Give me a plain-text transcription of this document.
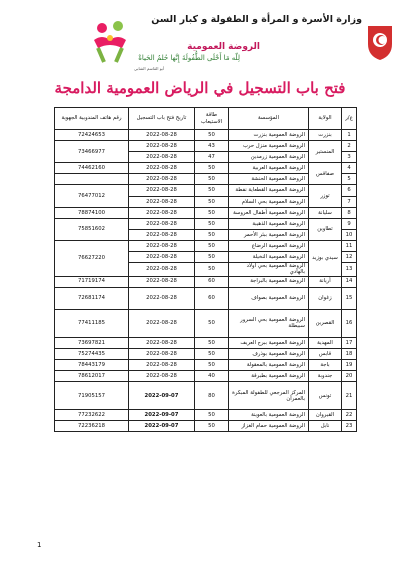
وزارة الأسرة و المرأة و الطفولة و كبار السن
الروضة العمومية
لِلّه مَا أَحْلَى الطُّفُولَةَ إِنَّها حُلمُ الحَياةْ
أبو القاسم الشابي
فتح باب التسجيل في الرياض العمومية الدامجة
ع/ر	الولاية	المؤسسة	طاقة الاستيعاب	تاريخ فتح باب التسجيل	رقم هاتف المندوبية الجهوية
1	بنزرت	الروضة العمومية بنزرت	50	2022-08-28	72424653
2	المنستير	الروضة العمومية منزل حرب	43	2022-08-28	73466977
3		الروضة العمومية زرمدين	47	2022-08-28	
4	صفاقس	الروضة العمومية العربية	50	2022-08-28	74462160
5		الروضة العمومية الحنشة	50	2022-08-28	
6	توزر	الروضة العمومية القطعاية نفطة	50	2022-08-28	76477012
7		الروضة العمومية بحي السلام	50	2022-08-28	
8	سليانة	الروضة العمومية أطفال العروسة	50	2022-08-28	78874100
9	تطاوين	الروضة العمومية الذهيبة	50	2022-08-28	75851602
10		الروضة العمومية ببئر الأحمر	50	2022-08-28	
11	سيدي بوزيد	الروضة العمومية الرضاع	50	2022-08-28	76627220
12		الروضة العمومية النخيلة	50	2022-08-28	
13		الروضة العمومية بحي أولاد بالهادي	50	2022-08-28	
14	أريانة	الروضة العمومية بالبراجة	60	2022-08-28	71719174
15	زغوان	الروضة العمومية بصواف	60	2022-08-28	72681174
16	القصرين	الروضة العمومية بحي السرور سبيطلة	50	2022-08-28	77411185
17	المهدية	الروضة العمومية ببرج العريف	50	2022-08-28	73697821
18	قابس	الروضة العمومية بوذرف	50	2022-08-28	75274435
19	باجة	الروضة العمومية بالمعقولة	50	2022-08-28	78443179
20	جندوبة	الروضة العمومية بطبرقة	40	2022-08-28	78612017
21	تونس	المركز المرجعي للطفولة المبكرة بالعمران	80	2022-09-07	71905157
22	القيروان	الروضة العمومية بالعوينة	50	2022-09-07	77232622
23	نابل	الروضة العمومية حمام الغزاز	50	2022-09-07	72236218
1
